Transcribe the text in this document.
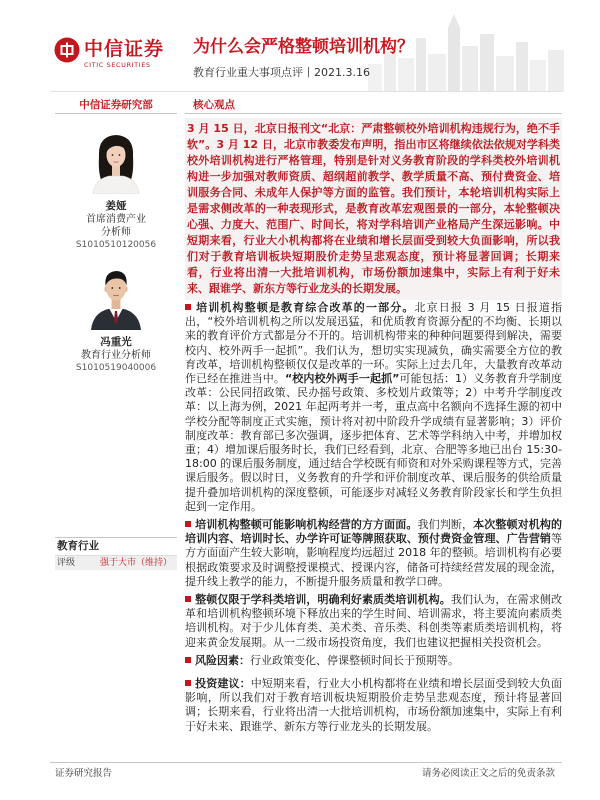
中信证券
CITIC SECURITIES
为什么会严格整顿培训机构？
教育行业重大事项点评丨2021.3.16
中信证券研究部
姜娅
首席消费产业
分析师
S1010510120056
冯重光
教育行业分析师
S1010519040006
教育行业
评级	强于大市（维持）
核心观点
3 月 15 日，北京日报刊文“北京：严肃整顿校外培训机构违规行为，绝不手软”。3 月 12 日，北京市教委发布声明，指出市区将继续依法依规对学科类校外培训机构进行严格管理，特别是针对义务教育阶段的学科类校外培训机构进一步加强对教师资质、超纲超前教学、教学质量不高、预付费资金、培训服务合同、未成年人保护等方面的监管。我们预计，本轮培训机构实际上是需求侧改革的一种表现形式，是教育改革宏观图景的一部分，本轮整顿决心强、力度大、范围广、时间长，将对学科培训产业格局产生深远影响。中短期来看，行业大小机构都将在业绩和增长层面受到较大负面影响，所以我们对于教育培训板块短期股价走势呈悲观态度，预计将显著回调；长期来看，行业将出清一大批培训机构，市场份额加速集中，实际上有利于好未来、跟谁学、新东方等行业龙头的长期发展。

培训机构整顿是教育综合改革的一部分。北京日报 3 月 15 日报道指出，“校外培训机构之所以发展迅猛，和优质教育资源分配的不均衡、长期以来的教育评价方式都是分不开的。培训机构带来的种种问题要得到解决，需要校内、校外两手一起抓”。我们认为，想切实实现减负，确实需要全方位的教育改革，培训机构整顿仅仅是改革的一环。实际上过去几年，大量教育改革动作已经在推进当中。“校内校外两手一起抓”可能包括：1）义务教育升学制度改革：公民同招政策、民办摇号政策、多校划片政策等；2）中考升学制度改革：以上海为例，2021 年起两考并一考，重点高中名额向不选择生源的初中学校分配等制度正式实施，预计将对初中阶段升学成绩有显著影响；3）评价制度改革：教育部已多次强调，逐步把体育、艺术等学科纳入中考，并增加权重；4）增加课后服务时长，我们已经看到，北京、合肥等多地已出台 15:30-18:00 的课后服务制度，通过结合学校既有师资和对外采购课程等方式，完善课后服务。假以时日，义务教育的升学和评价制度改革、课后服务的供给质量提升叠加培训机构的深度整顿，可能逐步对减轻义务教育阶段家长和学生负担起到一定作用。

培训机构整顿可能影响机构经营的方方面面。我们判断，本次整顿对机构的培训内容、培训时长、办学许可证等牌照获取、预付费资金管理、广告营销等方方面面产生较大影响，影响程度均远超过 2018 年的整顿。培训机构有必要根据政策要求及时调整授课模式、授课内容，储备可持续经营发展的现金流，提升线上教学的能力，不断提升服务质量和教学口碑。

整顿仅限于学科类培训，明确利好素质类培训机构。我们认为，在需求侧改革和培训机构整顿环境下释放出来的学生时间、培训需求，将主要流向素质类培训机构。对于少儿体育类、美术类、音乐类、科创类等素质类培训机构，将迎来黄金发展期。从一二级市场投资角度，我们也建议把握相关投资机会。

风险因素：行业政策变化、停课整顿时间长于预期等。

投资建议：中短期来看，行业大小机构都将在业绩和增长层面受到较大负面影响，所以我们对于教育培训板块短期股价走势呈悲观态度，预计将显著回调；长期来看，行业将出清一大批培训机构，市场份额加速集中，实际上有利于好未来、跟谁学、新东方等行业龙头的长期发展。

证券研究报告	请务必阅读正文之后的免责条款
